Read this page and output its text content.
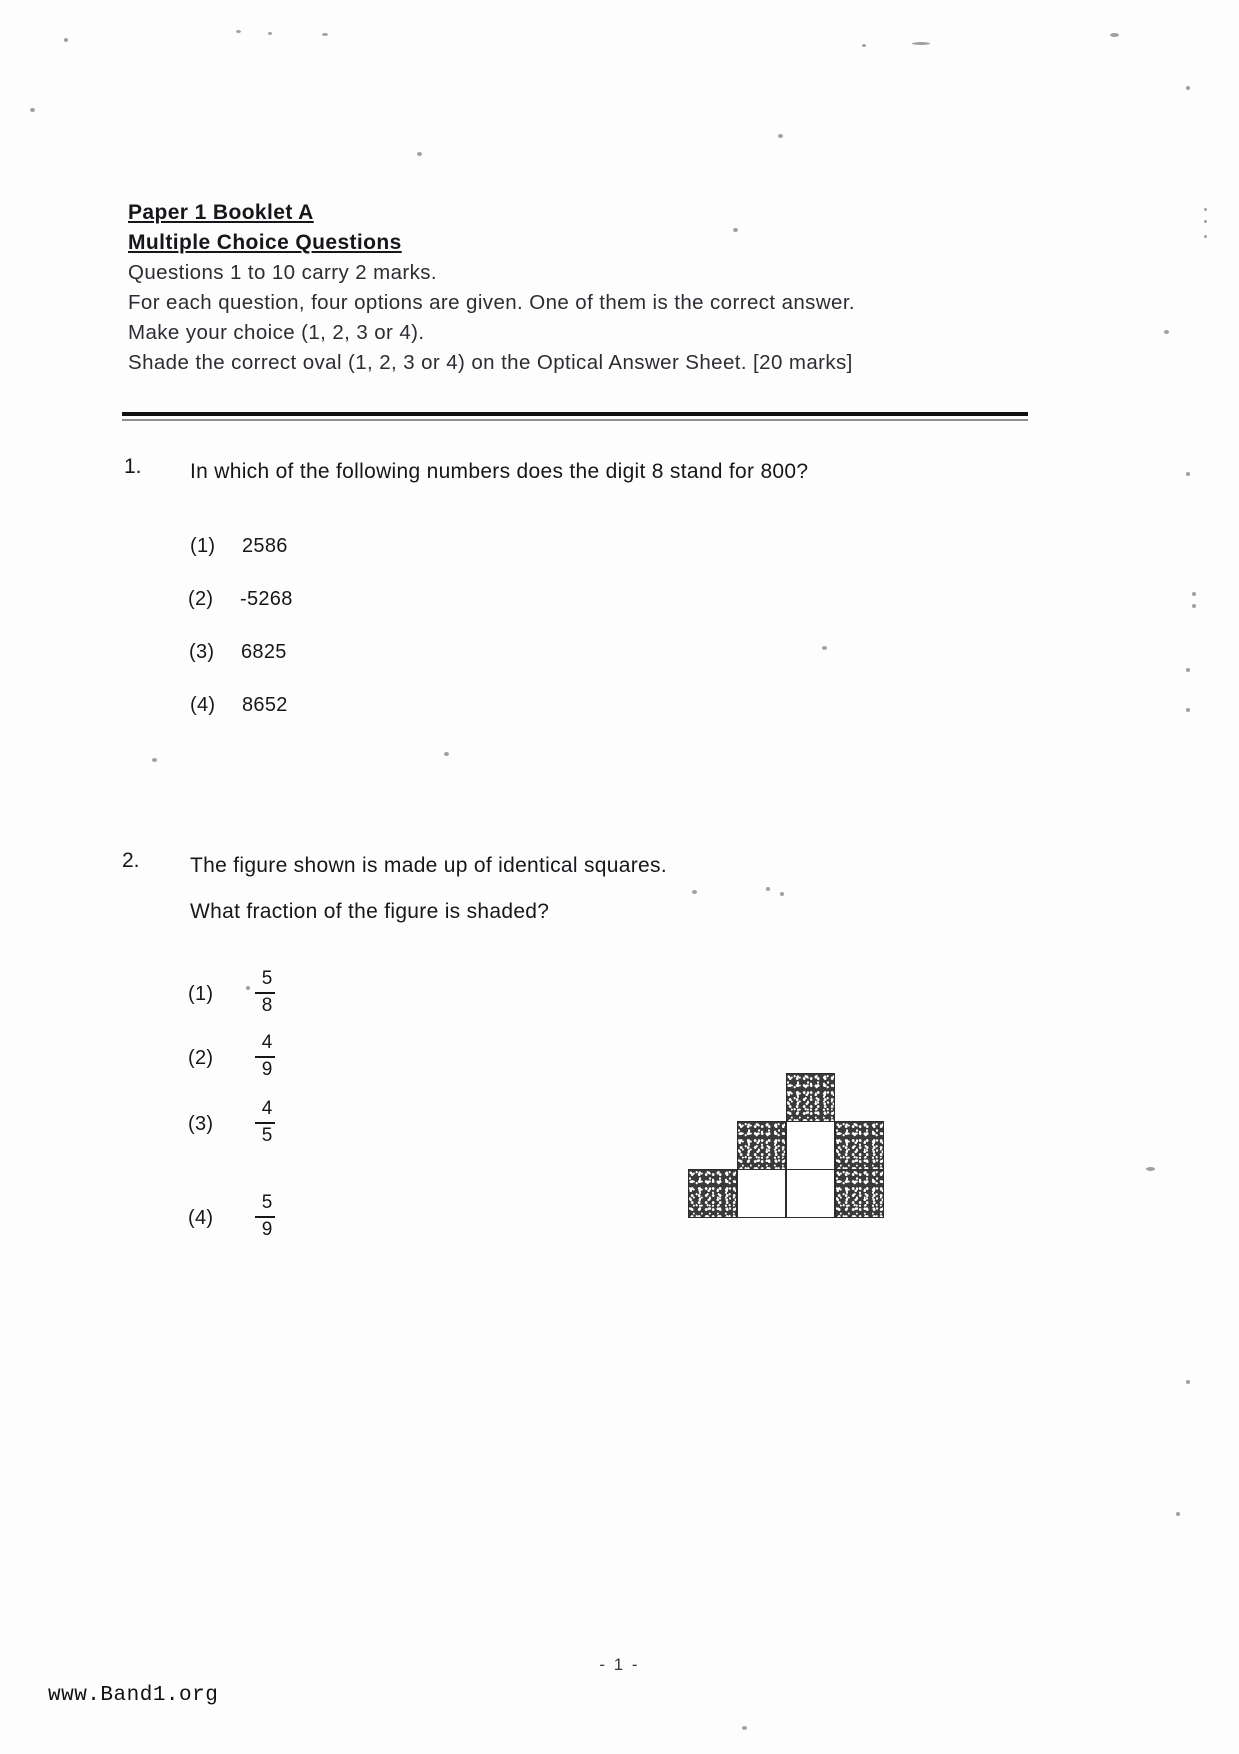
Paper 1 Booklet A
Multiple Choice Questions
Questions 1 to 10 carry 2 marks.
For each question, four options are given. One of them is the correct answer.
Make your choice (1, 2, 3 or 4).
Shade the correct oval (1, 2, 3 or 4) on the Optical Answer Sheet. [20 marks]
1. In which of the following numbers does the digit 8 stand for 800?
(1)	2586
(2)	-5268
(3)	6825
(4)	8652
2. The figure shown is made up of identical squares.
What fraction of the figure is shaded?
(1)
5
8
(2)
4
9
(3)
4
5
(4)
5
9
- 1 -
www.Band1.org
